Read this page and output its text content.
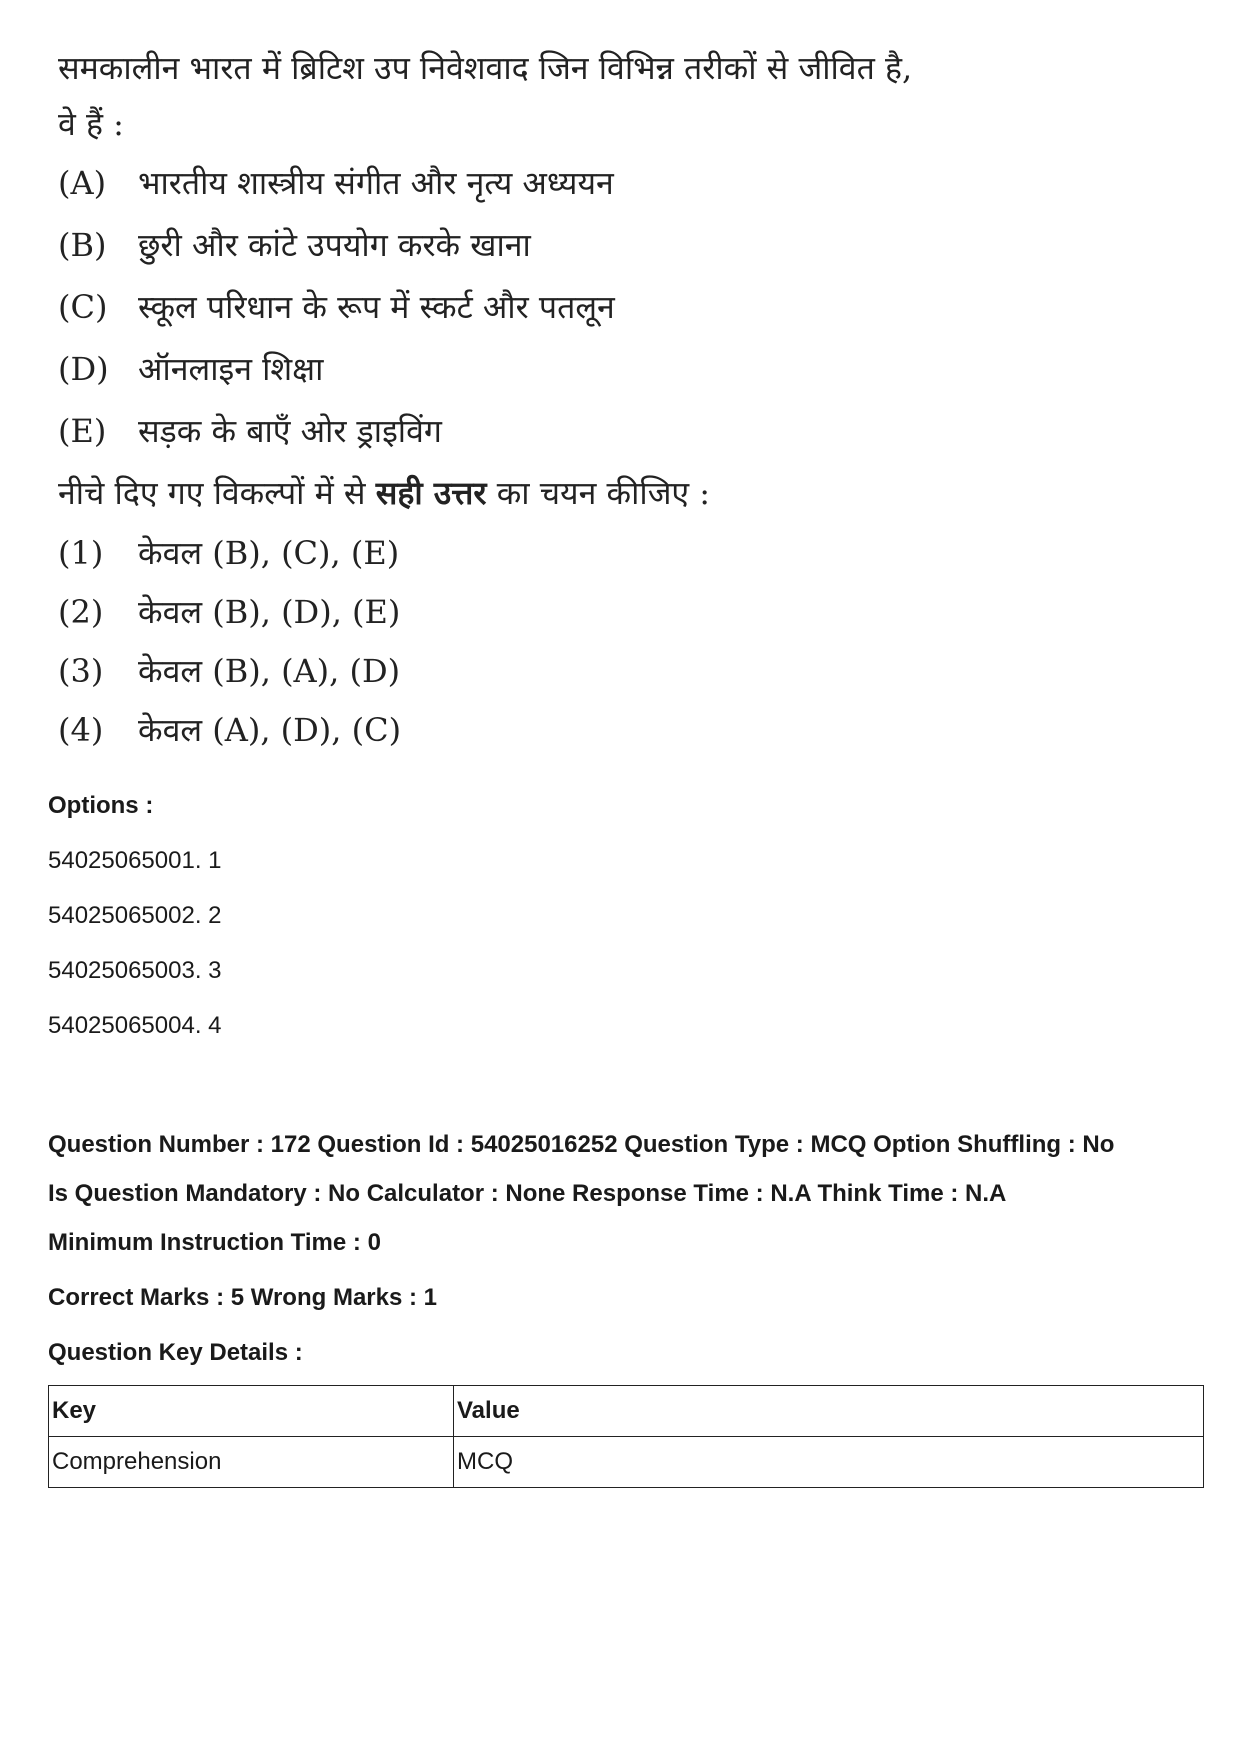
समकालीन भारत में ब्रिटिश उप निवेशवाद जिन विभिन्न तरीकों से जीवित है, वे हैं :

(A) भारतीय शास्त्रीय संगीत और नृत्य अध्ययन
(B) छुरी और कांटे उपयोग करके खाना
(C) स्कूल परिधान के रूप में स्कर्ट और पतलून
(D) ऑनलाइन शिक्षा
(E) सड़क के बाएँ ओर ड्राइविंग
नीचे दिए गए विकल्पों में से सही उत्तर का चयन कीजिए :
(1)	केवल (B), (C), (E)
(2)	केवल (B), (D), (E)
(3)	केवल (B), (A), (D)
(4)	केवल (A), (D), (C)
Options :
54025065001. 1
54025065002. 2
54025065003. 3
54025065004. 4
Question Number : 172 Question Id : 54025016252 Question Type : MCQ Option Shuffling : No
Is Question Mandatory : No Calculator : None Response Time : N.A Think Time : N.A
Minimum Instruction Time : 0
Correct Marks : 5 Wrong Marks : 1
Question Key Details :
Key	Value
Comprehension	MCQ
